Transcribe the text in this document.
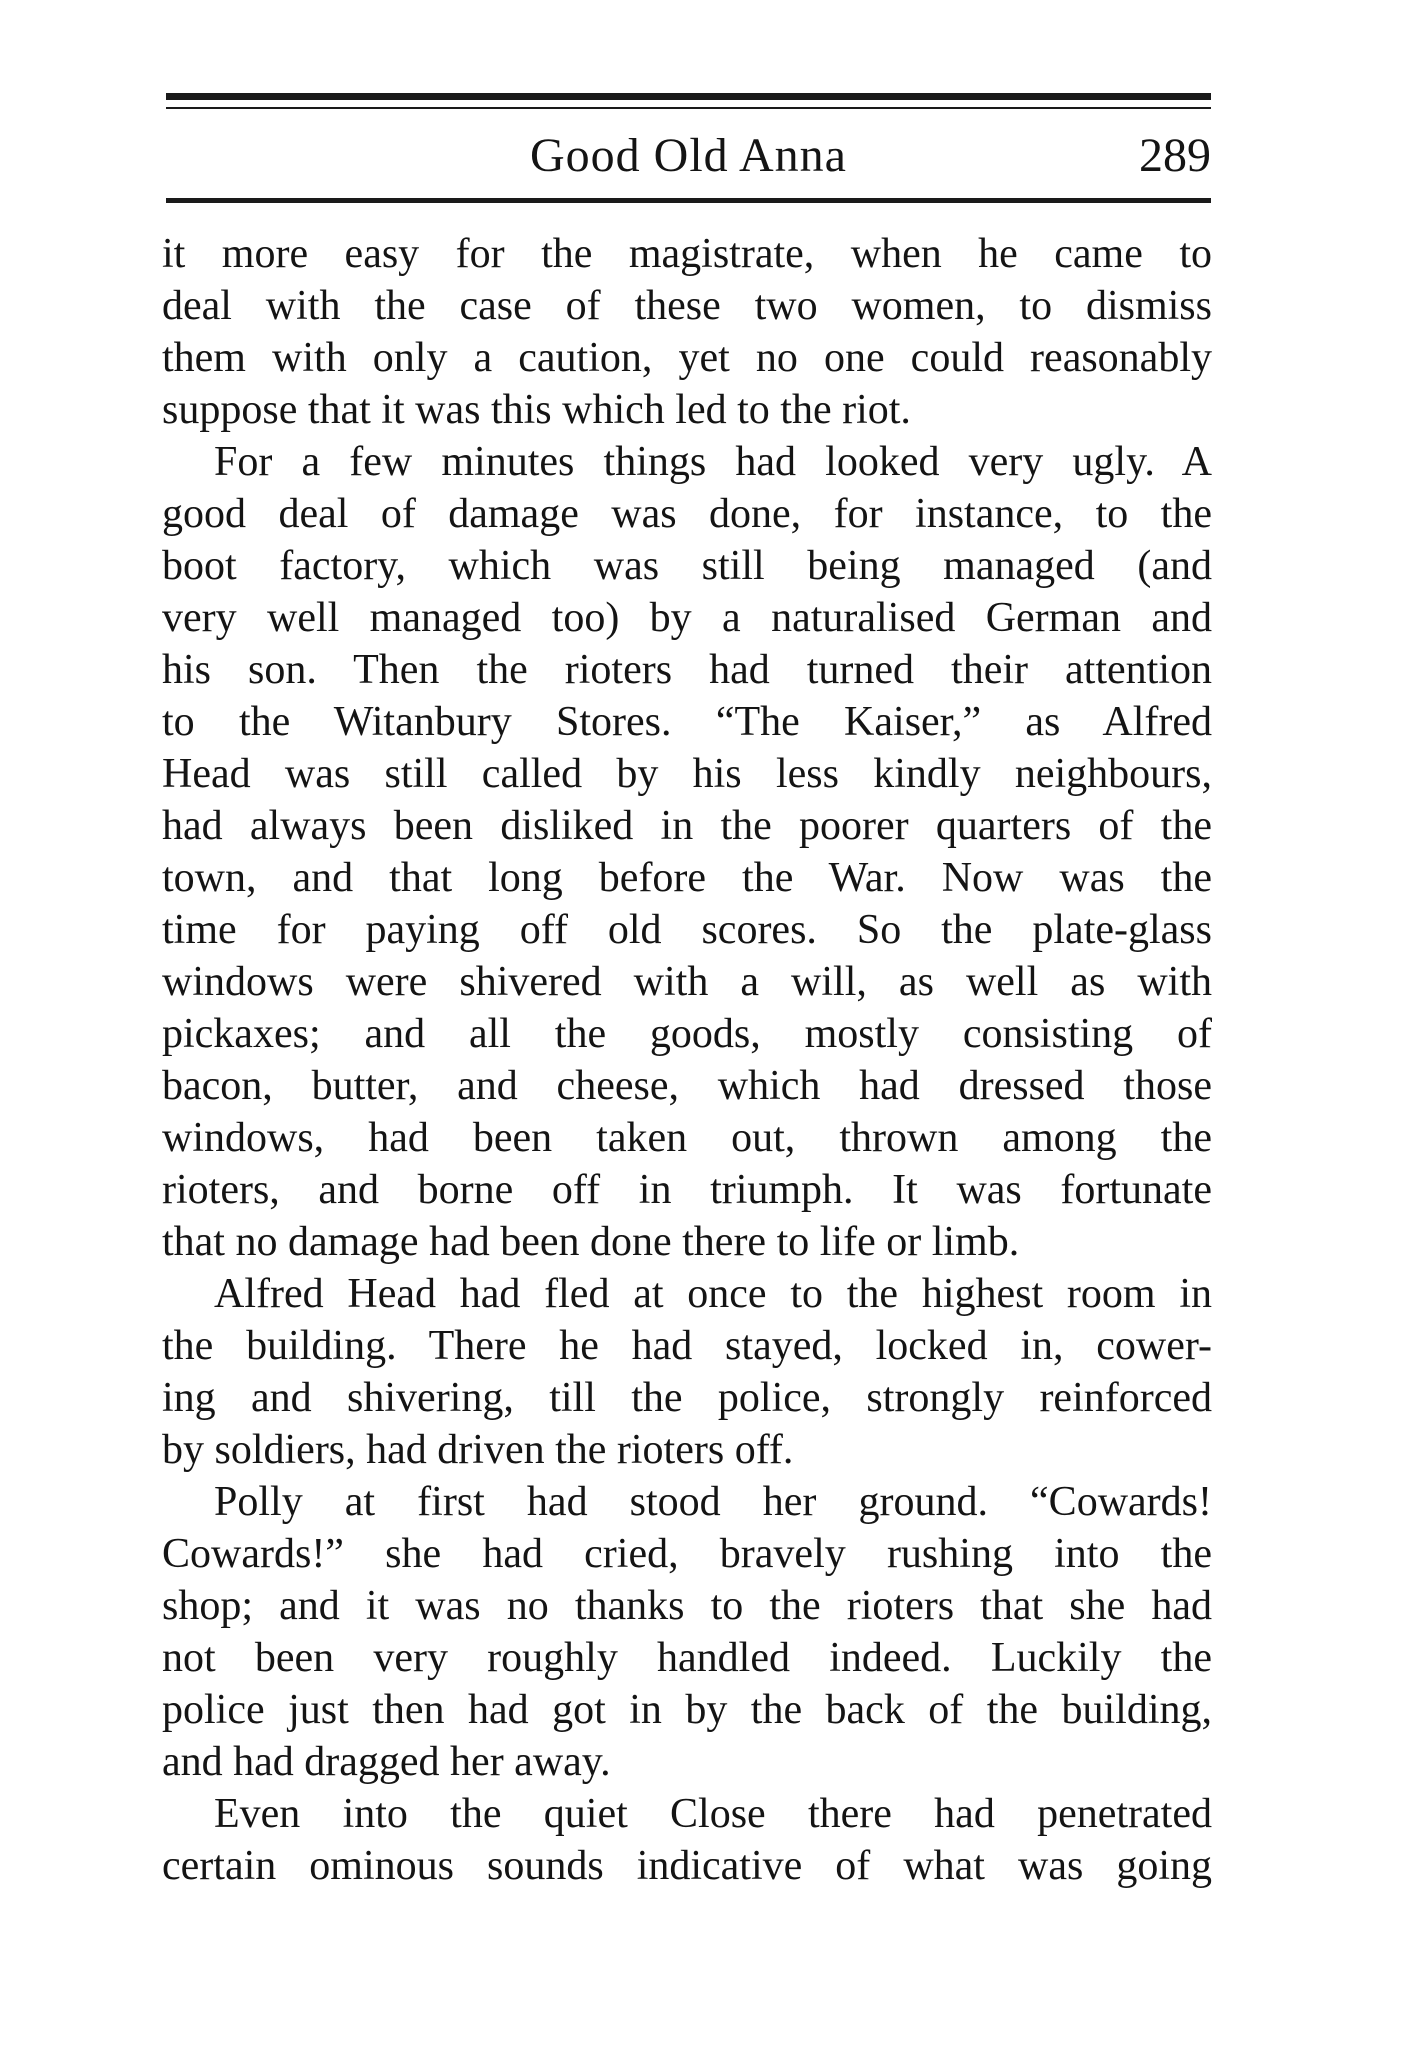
Good Old Anna	289
it more easy for the magistrate, when he came to
deal with the case of these two women, to dismiss
them with only a caution, yet no one could reasonably
suppose that it was this which led to the riot.
For a few minutes things had looked very ugly. A
good deal of damage was done, for instance, to the
boot factory, which was still being managed (and
very well managed too) by a naturalised German and
his son. Then the rioters had turned their attention
to the Witanbury Stores. “The Kaiser,” as Alfred
Head was still called by his less kindly neighbours,
had always been disliked in the poorer quarters of the
town, and that long before the War. Now was the
time for paying off old scores. So the plate-glass
windows were shivered with a will, as well as with
pickaxes; and all the goods, mostly consisting of
bacon, butter, and cheese, which had dressed those
windows, had been taken out, thrown among the
rioters, and borne off in triumph. It was fortunate
that no damage had been done there to life or limb.
Alfred Head had fled at once to the highest room in
the building. There he had stayed, locked in, cower-
ing and shivering, till the police, strongly reinforced
by soldiers, had driven the rioters off.
Polly at first had stood her ground. “Cowards!
Cowards!” she had cried, bravely rushing into the
shop; and it was no thanks to the rioters that she had
not been very roughly handled indeed. Luckily the
police just then had got in by the back of the building,
and had dragged her away.
Even into the quiet Close there had penetrated
certain ominous sounds indicative of what was going
